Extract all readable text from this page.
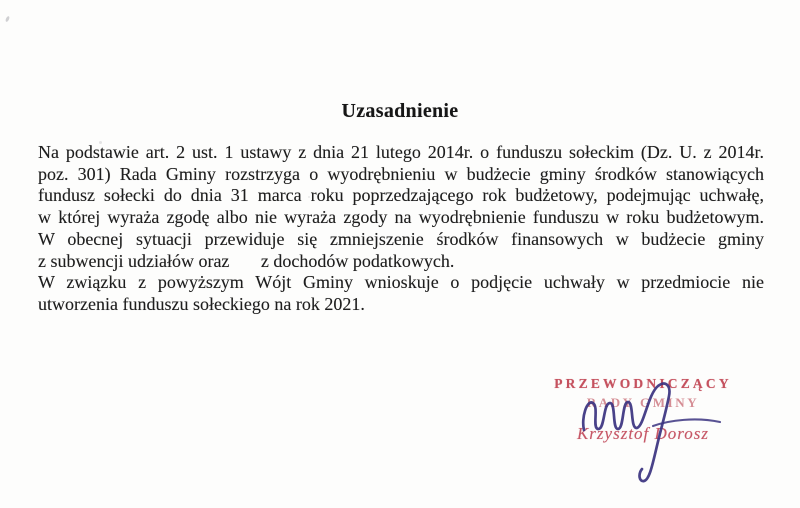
Uzasadnienie
Na podstawie art. 2 ust. 1 ustawy z dnia 21 lutego 2014r. o funduszu sołeckim (Dz. U. z 2014r.
poz. 301) Rada Gminy rozstrzyga o wyodrębnieniu w budżecie gminy środków stanowiących
fundusz sołecki do dnia 31 marca roku poprzedzającego rok budżetowy, podejmując uchwałę,
w której wyraża zgodę albo nie wyraża zgody na wyodrębnienie funduszu w roku budżetowym.
W obecnej sytuacji przewiduje się zmniejszenie środków finansowych w budżecie gminy
z subwencji udziałów oraz       z dochodów podatkowych.
W związku z powyższym Wójt Gminy wnioskuje o podjęcie uchwały w przedmiocie nie
utworzenia funduszu sołeckiego na rok 2021.
PRZEWODNICZĄCY
RADY GMINY
Krzysztof Dorosz
